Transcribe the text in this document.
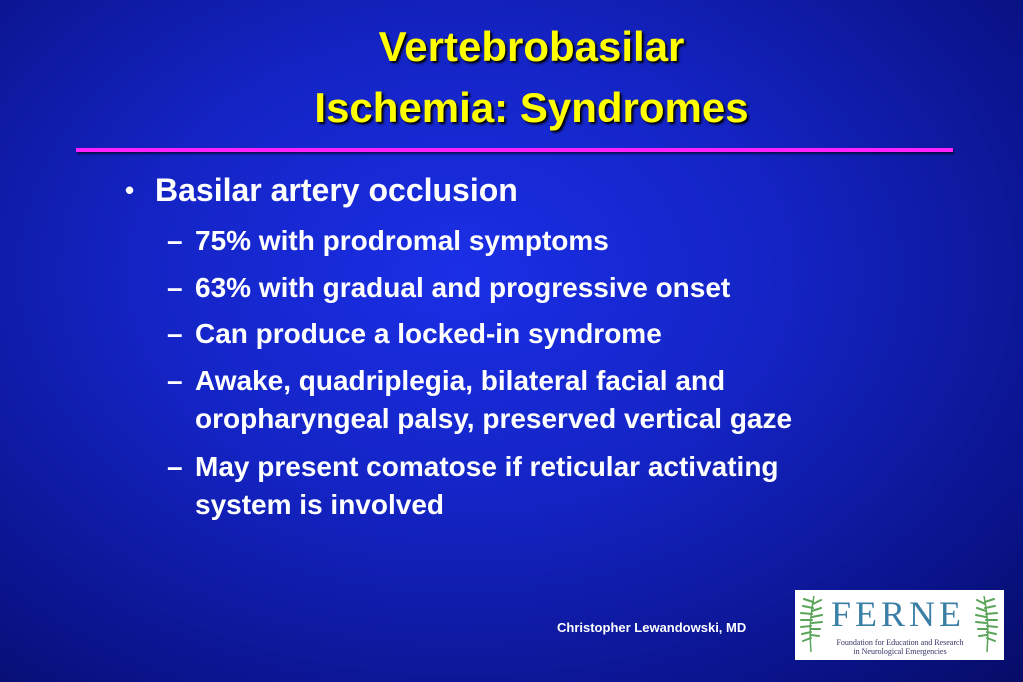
Vertebrobasilar
Ischemia: Syndromes
• Basilar artery occlusion
– 75% with prodromal symptoms
– 63% with gradual and progressive onset
– Can produce a locked-in syndrome
– Awake, quadriplegia, bilateral facial and
oropharyngeal palsy, preserved vertical gaze
– May present comatose if reticular activating
system is involved
Christopher Lewandowski, MD FERNE
Foundation for Education and Research
in Neurological Emergencies
